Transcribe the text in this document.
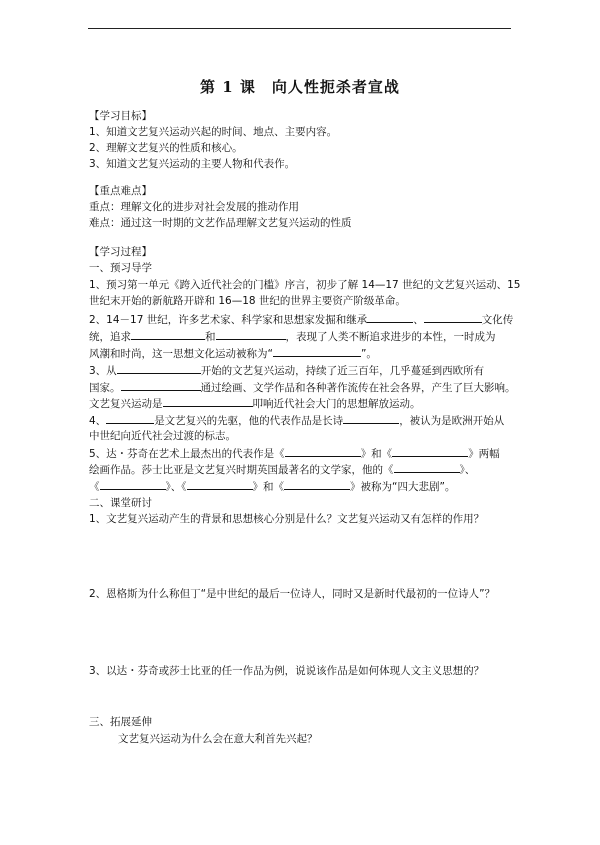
第 1 课　向人性扼杀者宣战
【学习目标】
1、知道文艺复兴运动兴起的时间、地点、主要内容。
2、理解文艺复兴的性质和核心。
3、知道文艺复兴运动的主要人物和代表作。
【重点难点】
重点：理解文化的进步对社会发展的推动作用
难点：通过这一时期的文艺作品理解文艺复兴运动的性质
【学习过程】
一、预习导学
1、预习第一单元《跨入近代社会的门槛》序言，初步了解 14—17 世纪的文艺复兴运动、15
世纪末开始的新航路开辟和 16—18 世纪的世界主要资产阶级革命。
2、14－17 世纪，许多艺术家、科学家和思想家发掘和继承	、	文化传
统，追求	和	，表现了人类不断追求进步的本性，一时成为
风潮和时尚，这一思想文化运动被称为“	”。
3、从	开始的文艺复兴运动，持续了近三百年，几乎蔓延到西欧所有
国家。	通过绘画、文学作品和各种著作流传在社会各界，产生了巨大影响。
文艺复兴运动是	叩响近代社会大门的思想解放运动。
4、	是文艺复兴的先驱，他的代表作品是长诗	，被认为是欧洲开始从
中世纪向近代社会过渡的标志。
5、达・芬奇在艺术上最杰出的代表作是《	》和《	》两幅
绘画作品。莎士比亚是文艺复兴时期英国最著名的文学家，他的《	》、
《	》、《	》和《	》被称为“四大悲剧”。
二、课堂研讨
1、文艺复兴运动产生的背景和思想核心分别是什么？文艺复兴运动又有怎样的作用？
2、恩格斯为什么称但丁“是中世纪的最后一位诗人，同时又是新时代最初的一位诗人”？
3、以达・芬奇或莎士比亚的任一作品为例，说说该作品是如何体现人文主义思想的？
三、拓展延伸
文艺复兴运动为什么会在意大利首先兴起？
